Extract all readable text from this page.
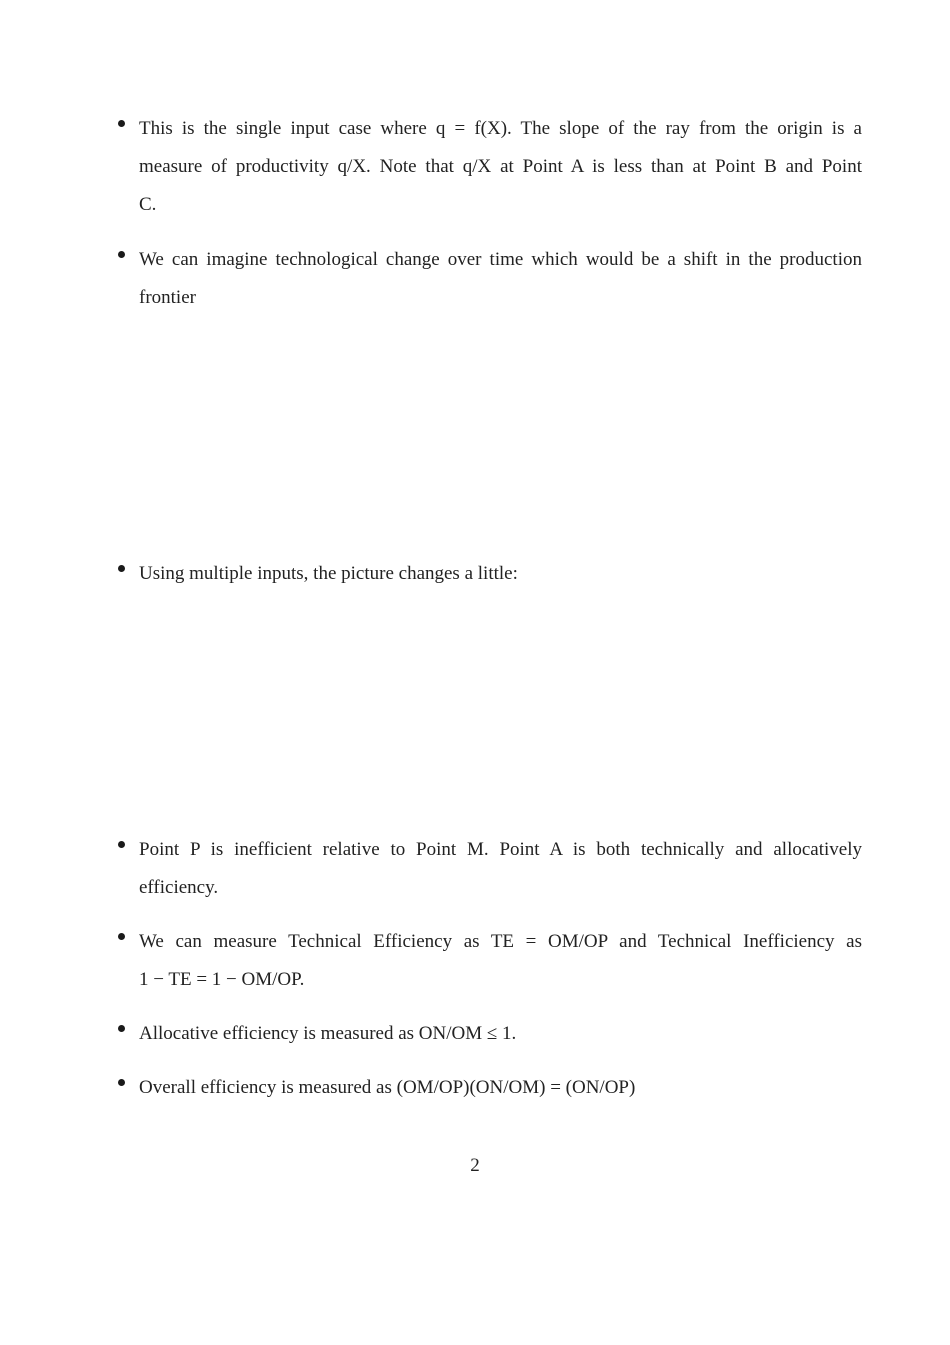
This is the single input case where q = f(X). The slope of the ray from the origin is a
measure of productivity q/X. Note that q/X at Point A is less than at Point B and Point
C.
We can imagine technological change over time which would be a shift in the production
frontier
Using multiple inputs, the picture changes a little:
Point P is inefficient relative to Point M. Point A is both technically and allocatively
efficiency.
We can measure Technical Efficiency as TE = OM/OP and Technical Inefficiency as
1 − TE = 1 − OM/OP.
Allocative efficiency is measured as ON/OM ≤ 1.
Overall efficiency is measured as (OM/OP)(ON/OM) = (ON/OP)
2
